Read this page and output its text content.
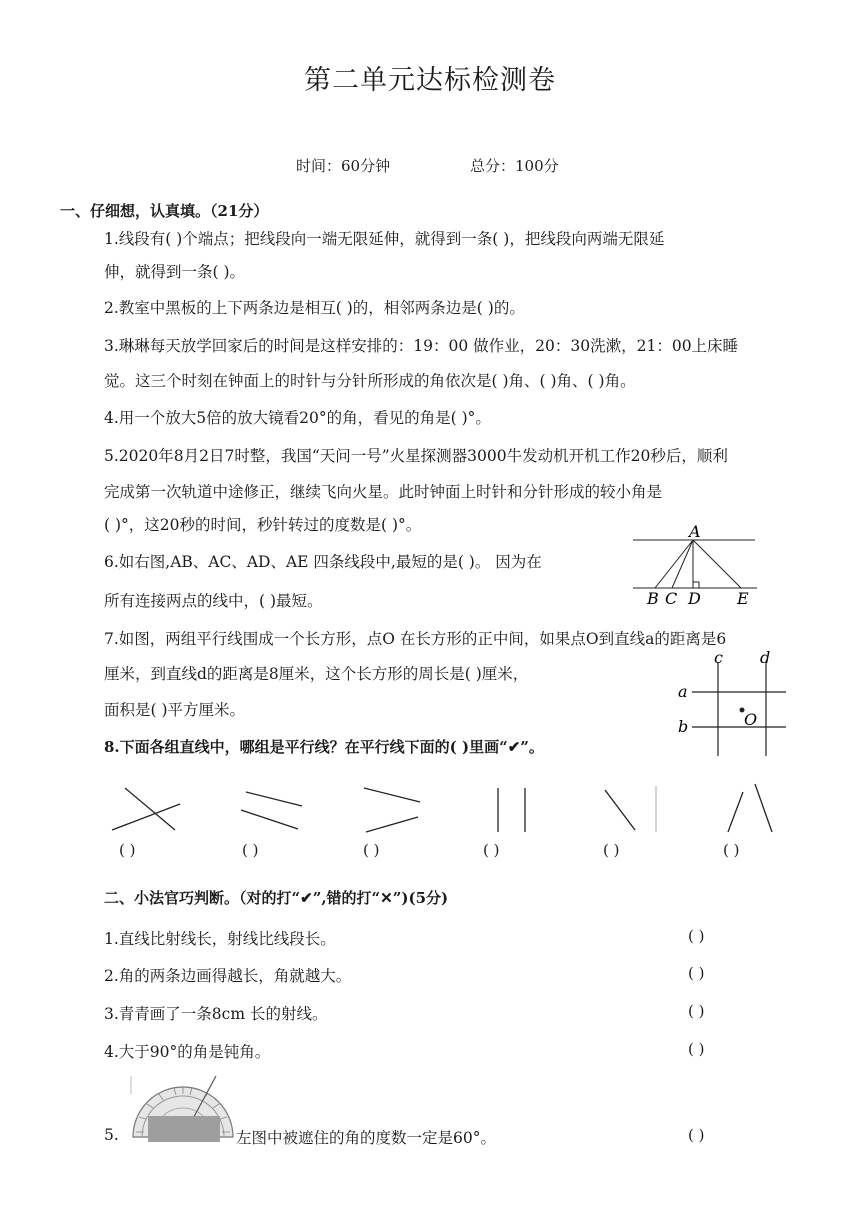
第二单元达标检测卷
时间：60分钟	总分：100分
一、仔细想，认真填。（21分）
1.线段有( )个端点；把线段向一端无限延伸，就得到一条( )，把线段向两端无限延
伸，就得到一条( )。
2.教室中黑板的上下两条边是相互( )的，相邻两条边是( )的。
3.琳琳每天放学回家后的时间是这样安排的：19：00 做作业，20：30洗漱，21：00上床睡
觉。这三个时刻在钟面上的时针与分针所形成的角依次是( )角、( )角、( )角。
4.用一个放大5倍的放大镜看20°的角，看见的角是( )°。
5.2020年8月2日7时整，我国“天问一号”火星探测器3000牛发动机开机工作20秒后，顺利
完成第一次轨道中途修正，继续飞向火星。此时钟面上时针和分针形成的较小角是
( )°，这20秒的时间，秒针转过的度数是( )°。
6.如右图,AB、AC、AD、AE 四条线段中,最短的是( )。 因为在
所有连接两点的线中，( )最短。
7.如图，两组平行线围成一个长方形，点O 在长方形的正中间，如果点O到直线a的距离是6
厘米，到直线d的距离是8厘米，这个长方形的周长是( )厘米，
面积是( )平方厘米。
8.下面各组直线中，哪组是平行线？在平行线下面的( )里画“✔”。
A
B C D E
c d
a
b	O
( )	( )	( )	( )	( )	( )
二、小法官巧判断。（对的打“✔”,错的打“✕”)(5分)
1.直线比射线长，射线比线段长。	( )
2.角的两条边画得越长，角就越大。	( )
3.青青画了一条8cm 长的射线。	( )
4.大于90°的角是钝角。	( )
5.	左图中被遮住的角的度数一定是60°。	( )
